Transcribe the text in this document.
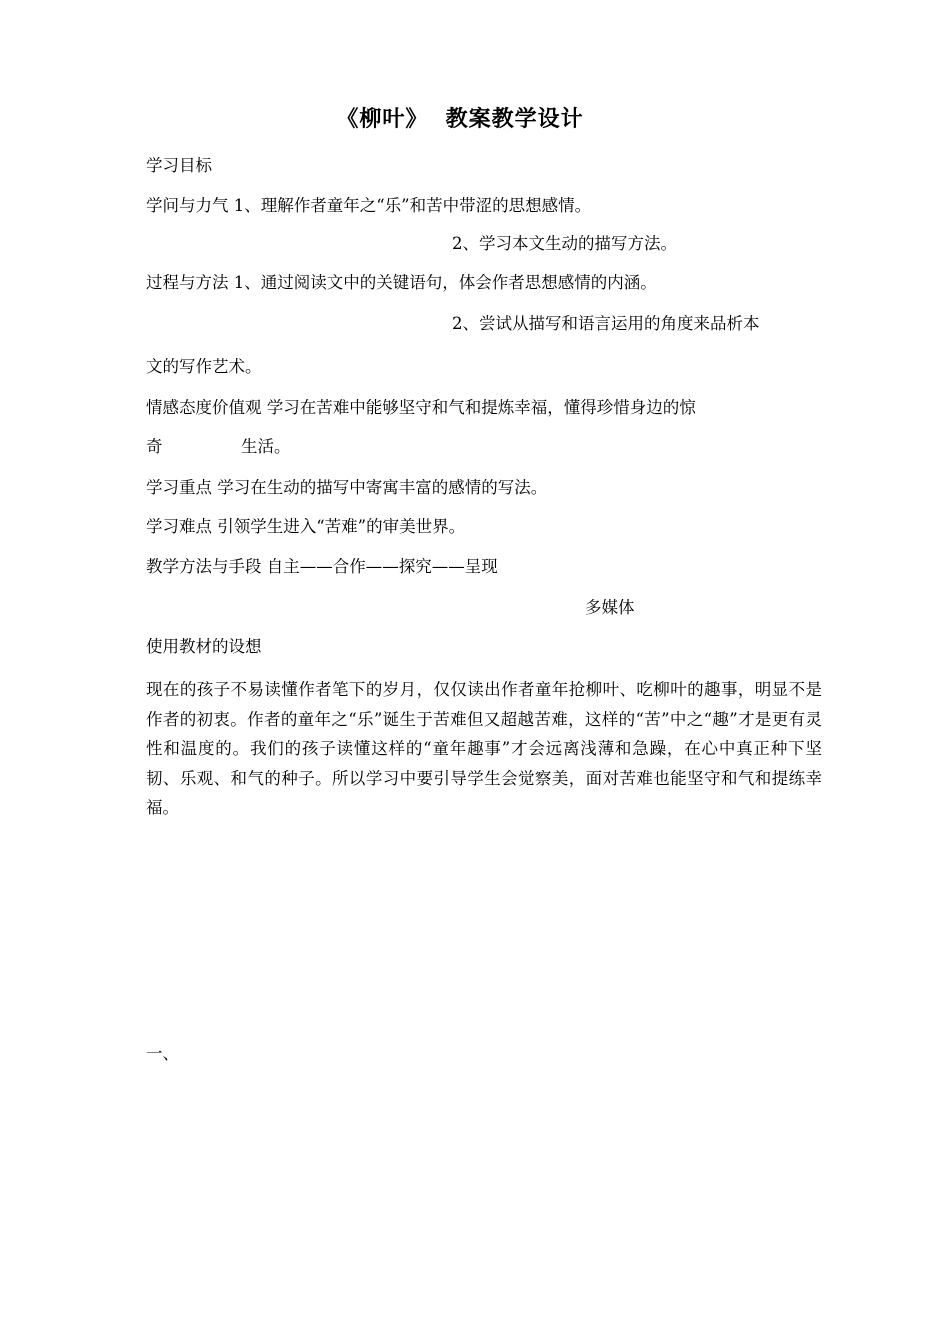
《柳叶》  教案教学设计
学习目标
学问与力气 1、理解作者童年之“乐”和苦中带涩的思想感情。
2、学习本文生动的描写方法。
过程与方法 1、通过阅读文中的关键语句，体会作者思想感情的内涵。
2、尝试从描写和语言运用的角度来品析本
文的写作艺术。
情感态度价值观 学习在苦难中能够坚守和气和提炼幸福，懂得珍惜身边的惊
奇	生活。
学习重点 学习在生动的描写中寄寓丰富的感情的写法。
学习难点 引领学生进入“苦难”的审美世界。
教学方法与手段 自主——合作——探究——呈现
多媒体
使用教材的设想
现在的孩子不易读懂作者笔下的岁月，仅仅读出作者童年抢柳叶、吃柳叶的趣事，明显不是作者的初衷。作者的童年之“乐”诞生于苦难但又超越苦难，这样的“苦”中之“趣”才是更有灵性和温度的。我们的孩子读懂这样的“童年趣事”才会远离浅薄和急躁，在心中真正种下坚韧、乐观、和气的种子。所以学习中要引导学生会觉察美，面对苦难也能坚守和气和提练幸福。
一、
